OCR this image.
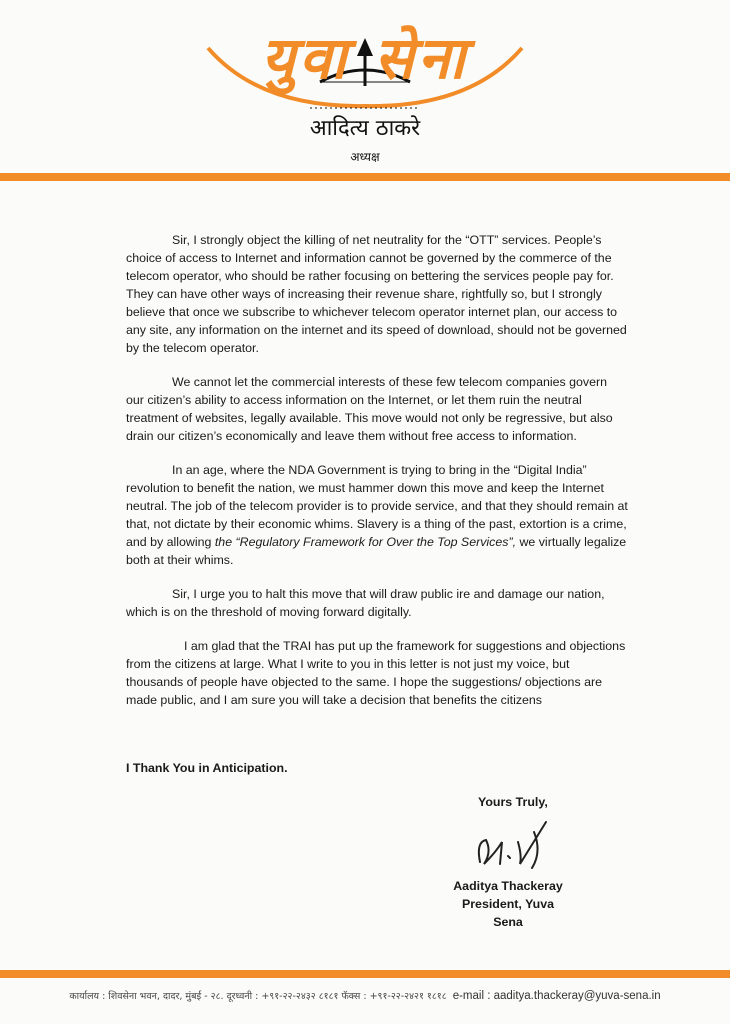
युवा सेना
आदित्य ठाकरे
अध्यक्ष

Sir, I strongly object the killing of net neutrality for the “OTT” services. People’s choice of access to Internet and information cannot be governed by the commerce of the telecom operator, who should be rather focusing on bettering the services people pay for. They can have other ways of increasing their revenue share, rightfully so, but I strongly believe that once we subscribe to whichever telecom operator internet plan, our access to any site, any information on the internet and its speed of download, should not be governed by the telecom operator.

We cannot let the commercial interests of these few telecom companies govern our citizen’s ability to access information on the Internet, or let them ruin the neutral treatment of websites, legally available. This move would not only be regressive, but also drain our citizen’s economically and leave them without free access to information.

In an age, where the NDA Government is trying to bring in the “Digital India” revolution to benefit the nation, we must hammer down this move and keep the Internet neutral. The job of the telecom provider is to provide service, and that they should remain at that, not dictate by their economic whims. Slavery is a thing of the past, extortion is a crime, and by allowing the “Regulatory Framework for Over the Top Services”, we virtually legalize both at their whims.

Sir, I urge you to halt this move that will draw public ire and damage our nation, which is on the threshold of moving forward digitally.

I am glad that the TRAI has put up the framework for suggestions and objections from the citizens at large. What I write to you in this letter is not just my voice, but thousands of people have objected to the same. I hope the suggestions/ objections are made public, and I am sure you will take a decision that benefits the citizens

I Thank You in Anticipation.
Yours Truly,
Aaditya Thackeray
President, Yuva Sena
कार्यालय : शिवसेना भवन, दादर, मुंबई - २८. दूरध्वनी : +९१-२२-२४३२ ८१८१ फॅक्स : +९१-२२-२४२१ १८१८ e-mail : aaditya.thackeray@yuva-sena.in
